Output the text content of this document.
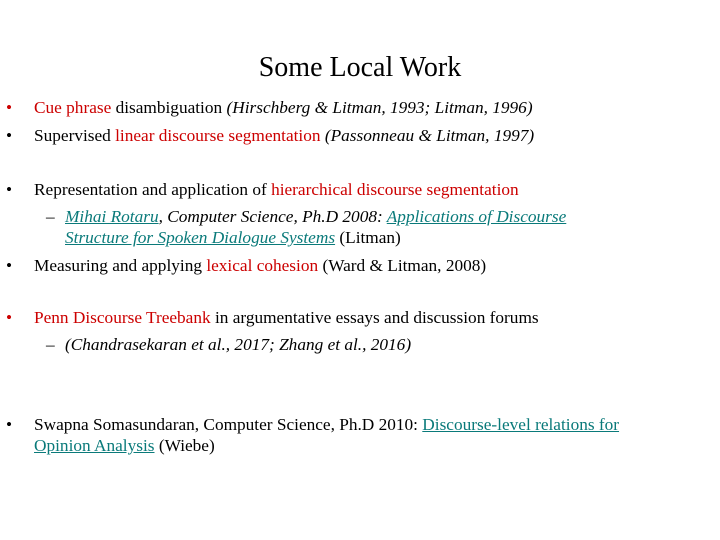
Some Local Work
• Cue phrase disambiguation (Hirschberg & Litman, 1993; Litman, 1996)
• Supervised linear discourse segmentation (Passonneau & Litman, 1997)
• Representation and application of hierarchical discourse segmentation
– Mihai Rotaru, Computer Science, Ph.D 2008: Applications of Discourse
Structure for Spoken Dialogue Systems (Litman)
• Measuring and applying lexical cohesion (Ward & Litman, 2008)
• Penn Discourse Treebank in argumentative essays and discussion forums
– (Chandrasekaran et al., 2017; Zhang et al., 2016)
• Swapna Somasundaran, Computer Science, Ph.D 2010: Discourse-level relations for
Opinion Analysis (Wiebe)
